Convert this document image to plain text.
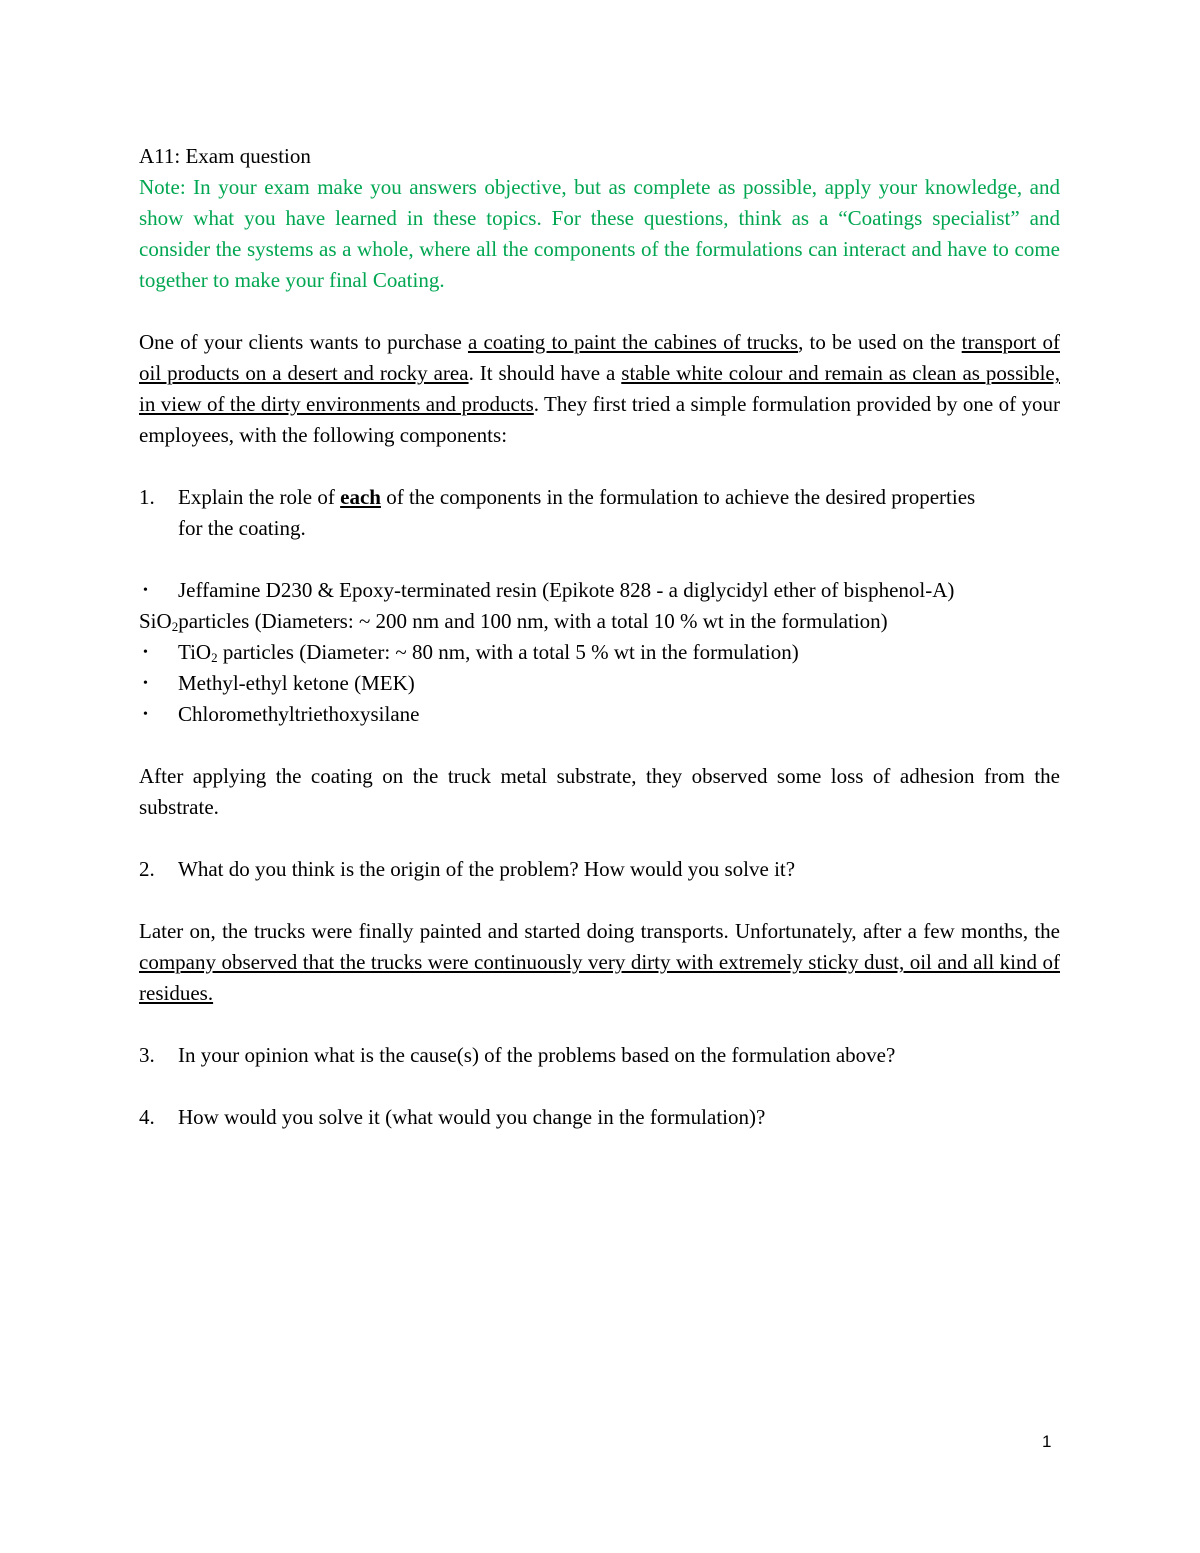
A11: Exam question

Note: In your exam make you answers objective, but as complete as possible, apply your knowledge, and show what you have learned in these topics. For these questions, think as a “Coatings specialist” and consider the systems as a whole, where all the components of the formulations can interact and have to come together to make your final Coating.

One of your clients wants to purchase a coating to paint the cabines of trucks, to be used on the transport of oil products on a desert and rocky area. It should have a stable white colour and remain as clean as possible, in view of the dirty environments and products. They first tried a simple formulation provided by one of your employees, with the following components:

1.	Explain the role of each of the components in the formulation to achieve the desired properties for the coating.
•	Jeffamine D230 & Epoxy-terminated resin (Epikote 828 - a diglycidyl ether of bisphenol-A)
SiO$_2$particles (Diameters: ~ 200 nm and 100 nm, with a total 10 % wt in the formulation)
•	TiO$_2$ particles (Diameter: ~ 80 nm, with a total 5 % wt in the formulation)
•	Methyl-ethyl ketone (MEK)
•	Chloromethyltriethoxysilane

After applying the coating on the truck metal substrate, they observed some loss of adhesion from the substrate.

2.	What do you think is the origin of the problem? How would you solve it?

Later on, the trucks were finally painted and started doing transports. Unfortunately, after a few months, the company observed that the trucks were continuously very dirty with extremely sticky dust, oil and all kind of residues.

3.	In your opinion what is the cause(s) of the problems based on the formulation above?
4.	How would you solve it (what would you change in the formulation)?
1
